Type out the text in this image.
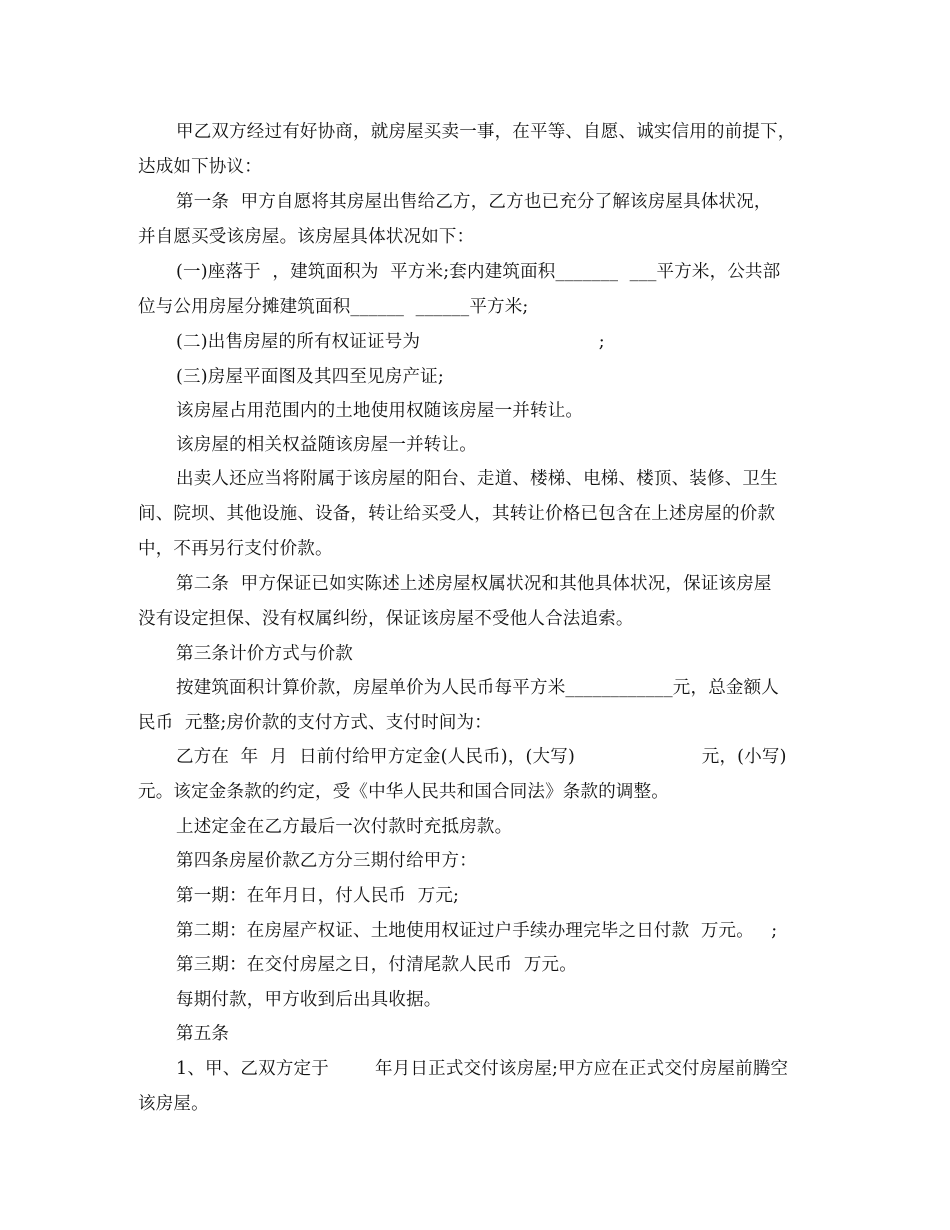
甲乙双方经过有好协商，就房屋买卖一事，在平等、自愿、诚实信用的前提下，
达成如下协议：
第一条  甲方自愿将其房屋出售给乙方，乙方也已充分了解该房屋具体状况，
并自愿买受该房屋。该房屋具体状况如下：
(一)座落于  ，建筑面积为  平方米;套内建筑面积_______  ___平方米，公共部
位与公用房屋分摊建筑面积______  ______平方米;
(二)出售房屋的所有权证证号为                               ;
(三)房屋平面图及其四至见房产证;
该房屋占用范围内的土地使用权随该房屋一并转让。
该房屋的相关权益随该房屋一并转让。
出卖人还应当将附属于该房屋的阳台、走道、楼梯、电梯、楼顶、装修、卫生
间、院坝、其他设施、设备，转让给买受人，其转让价格已包含在上述房屋的价款
中，不再另行支付价款。
第二条  甲方保证已如实陈述上述房屋权属状况和其他具体状况，保证该房屋
没有设定担保、没有权属纠纷，保证该房屋不受他人合法追索。
第三条计价方式与价款
按建筑面积计算价款，房屋单价为人民币每平方米____________元，总金额人
民币  元整;房价款的支付方式、支付时间为：
乙方在  年  月  日前付给甲方定金(人民币)，(大写)                      元，(小写)
元。该定金条款的约定，受《中华人民共和国合同法》条款的调整。
上述定金在乙方最后一次付款时充抵房款。
第四条房屋价款乙方分三期付给甲方：
第一期：在年月日，付人民币  万元;
第二期：在房屋产权证、土地使用权证过户手续办理完毕之日付款  万元。   ;
第三期：在交付房屋之日，付清尾款人民币  万元。
每期付款，甲方收到后出具收据。
第五条
1、甲、乙双方定于        年月日正式交付该房屋;甲方应在正式交付房屋前腾空
该房屋。
